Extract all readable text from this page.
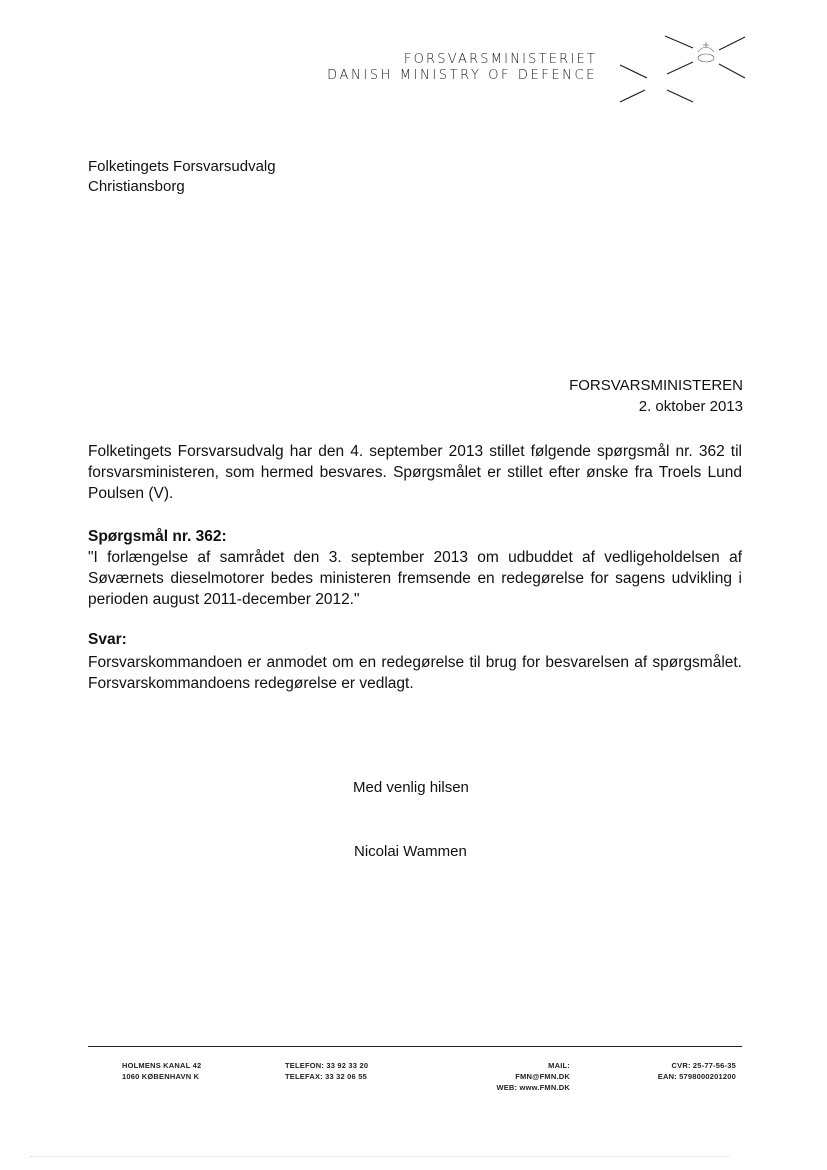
FORSVARSMINISTERIET
DANISH MINISTRY OF DEFENCE
Folketingets Forsvarsudvalg
Christiansborg
FORSVARSMINISTEREN
2. oktober 2013
Folketingets Forsvarsudvalg har den 4. september 2013 stillet følgende spørgsmål nr. 362 til forsvarsministeren, som hermed besvares. Spørgsmålet er stillet efter ønske fra Troels Lund Poulsen (V).
Spørgsmål nr. 362:
"I forlængelse af samrådet den 3. september 2013 om udbuddet af vedligeholdelsen af Søværnets dieselmotorer bedes ministeren fremsende en redegørelse for sagens udvikling i perioden august 2011-december 2012."
Svar:
Forsvarskommandoen er anmodet om en redegørelse til brug for besvarelsen af spørgsmålet. Forsvarskommandoens redegørelse er vedlagt.
Med venlig hilsen
Nicolai Wammen
HOLMENS KANAL 42
1060 KØBENHAVN K
TELEFON: 33 92 33 20
TELEFAX: 33 32 06 55
MAIL: FMN@FMN.DK
WEB: www.FMN.DK
CVR: 25-77-56-35
EAN: 5798000201200
